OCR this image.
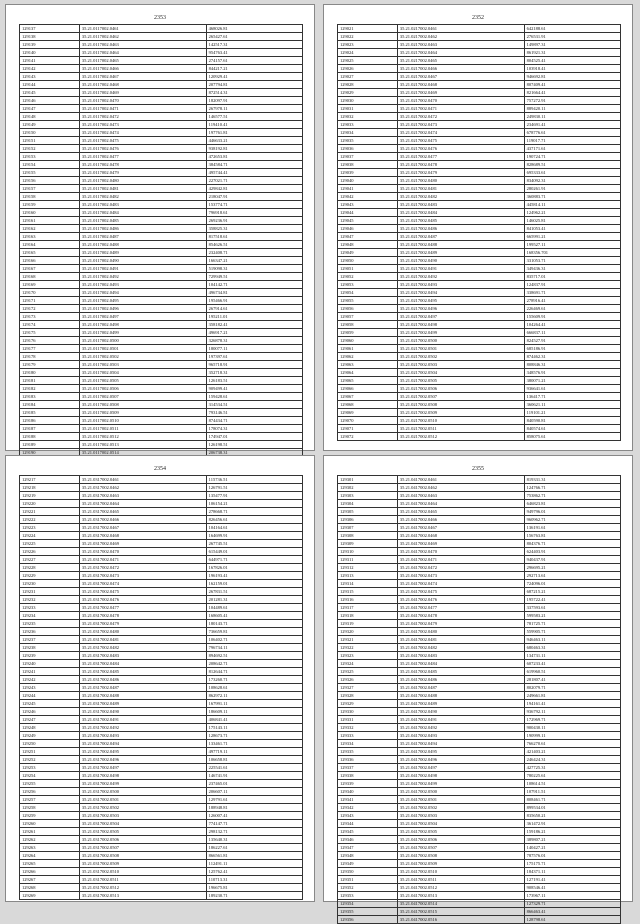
2353
129137	35.21.0117002.0461	468026.81
129138	35.21.0117002.0462	265427.61
129139	35.21.0117002.0463	142517.31
129140	35.21.0117002.0464	954763.41
129141	35.21.0117002.0465	274157.61
129142	35.21.0117002.0466	844217.21
129143	35.21.0117002.0467	120929.41
129144	35.21.0117002.0468	207794.81
129145	35.21.0117002.0469	872514.31
129146	35.21.0117002.0470	182097.91
129147	35.21.0117002.0471	267978.11
129148	35.21.0117002.0472	146577.51
129149	35.21.0117002.0473	119410.41
129150	35.21.0117002.0474	197761.81
129151	35.21.0117002.0475	446633.21
129152	35.21.0117002.0476	938192.81
129153	35.21.0117002.0477	472653.81
129154	35.21.0117002.0478	384584.71
129155	35.21.0117002.0479	495744.41
129156	35.21.0117002.0480	227021.71
129157	35.21.0117002.0481	429842.81
129158	35.21.0117002.0482	218047.91
129159	35.21.0117002.0483	153774.71
129160	35.21.0117002.0484	796918.61
129161	35.21.0117002.0485	269236.91
129162	35.21.0117002.0486	358825.31
129163	35.21.0117002.0487	817518.61
129164	35.21.0117002.0488	854626.51
129165	35.21.0117002.0489	232408.71
129166	35.21.0117002.0490	166347.21
129167	35.21.0117002.0491	519098.31
129168	35.21.0117002.0492	729949.51
129169	35.21.0117002.0493	104142.71
129170	35.21.0117002.0494	496734.81
129171	35.21.0117002.0495	195466.91
129172	35.21.0117002.0496	267914.61
129173	35.21.0117002.0497	195211.01
129174	35.21.0117002.0498	358182.41
129175	35.21.0117002.0499	496917.21
129176	35.21.0117002.0500	326878.31
129177	35.21.0117002.0501	180077.11
129178	35.21.0117002.0502	197397.61
129179	35.21.0117002.0503	965718.91
129180	35.21.0117002.0504	352718.31
129181	35.21.0117002.0505	126183.51
129182	35.21.0117002.0506	909499.41
129183	35.21.0117002.0507	159428.61
129184	35.21.0117002.0508	314534.51
129185	35.21.0117002.0509	793146.51
129186	35.21.0117002.0510	874434.71
129187	35.21.0117002.0511	178074.31
129188	35.21.0117002.0512	174947.01
129189	35.21.0117002.0513	126198.51
129190	35.21.0117002.0514	206738.31
2352
129021	35.21.0217002.0461	642188.61
129022	35.21.0217002.0462	276531.91
129023	35.21.0217002.0463	149897.31
129024	35.21.0217002.0464	861921.31
129025	35.21.0217002.0465	804525.41
129026	35.21.0217002.0466	103918.41
129027	35.21.0217002.0467	946692.81
129028	35.21.0217002.0468	807409.41
129029	35.21.0217002.0469	821664.41
129030	35.21.0217002.0470	757272.91
129031	35.21.0217002.0471	889420.11
129032	35.21.0217002.0472	249830.11
129033	35.21.0217002.0473	234691.41
129034	35.21.0217002.0474	678776.61
129035	35.21.0217002.0475	119017.71
129036	35.21.0217002.0476	437171.61
129037	35.21.0217002.0477	190724.71
129038	35.21.0217002.0478	828689.51
129039	35.21.0217002.0479	695333.61
129040	35.21.0217002.0480	834092.31
129041	35.21.0217002.0481	280261.91
129042	35.21.0217002.0482	360883.71
129043	35.21.0217002.0483	445814.11
129044	35.21.0217002.0484	124962.21
129045	35.21.0217002.0485	146025.81
129046	35.21.0217002.0486	841053.41
129047	35.21.0217002.0487	665991.21
129048	35.21.0217002.0488	199527.11
129049	35.21.0217002.0489	168356.701
129050	35.21.0217002.0490	331053.71
129051	35.21.0217002.0491	349436.31
129052	35.21.0217002.0492	835717.01
129053	35.21.0217002.0493	124837.91
129054	35.21.0217002.0494	338691.71
129055	35.21.0217002.0495	278916.41
129056	35.21.0217002.0496	226469.61
129057	35.21.0217002.0497	155609.91
129058	35.21.0217002.0498	104264.41
129059	35.21.0217002.0499	666837.11
129060	35.21.0217002.0500	824527.91
129061	35.21.0217002.0501	685186.91
129062	35.21.0217002.0502	874462.31
129063	35.21.0217002.0503	808846.31
129064	35.21.0217002.0504	348576.91
129065	35.21.0217002.0505	380071.21
129066	35.21.0217002.0506	936641.61
129067	35.21.0217002.0507	136417.71
129068	35.21.0217002.0508	360621.11
129069	35.21.0217002.0509	119101.21
129070	35.21.0217002.0510	840590.81
129071	35.21.0217002.0511	840574.61
129072	35.21.0217002.0512	858075.61
2354
129217	35.21.0317002.0461	115736.51
129218	35.21.0317002.0462	126791.51
129219	35.21.0317002.0463	135477.91
129220	35.21.0317002.0464	106154.21
129221	35.21.0317002.0465	278668.71
129222	35.21.0317002.0466	826456.61
129223	35.21.0317002.0467	104164.61
129224	35.21.0317002.0468	164699.91
129225	35.21.0317002.0469	267745.51
129226	35.21.0317002.0470	615449.01
129227	35.21.0317002.0471	644971.71
129228	35.21.0317002.0472	167826.01
129229	35.21.0317002.0473	196193.41
129230	35.21.0317002.0474	162159.01
129231	35.21.0317002.0475	267831.51
129232	35.21.0317002.0476	201281.31
129233	35.21.0317002.0477	104489.61
129234	35.21.0317002.0478	168605.41
129235	35.21.0317002.0479	180143.71
129236	35.21.0317002.0480	736659.81
129237	35.21.0317002.0481	106402.71
129238	35.21.0317002.0482	796734.11
129239	35.21.0317002.0483	894692.51
129240	35.21.0317002.0484	208642.71
129241	35.21.0317002.0485	812644.71
129242	35.21.0317002.0486	173260.71
129243	35.21.0317002.0487	108628.61
129244	35.21.0317002.0488	862972.11
129245	35.21.0317002.0489	167991.11
129246	35.21.0317002.0490	186609.11
129247	35.21.0317002.0491	406841.41
129248	35.21.0317002.0492	175143.11
129249	35.21.0317002.0493	128673.71
129250	35.21.0317002.0494	133461.71
129251	35.21.0317002.0495	497719.11
129252	35.21.0317002.0496	106658.81
129253	35.21.0317002.0497	225541.61
129254	35.21.0317002.0498	146741.91
129255	35.21.0317002.0499	237465.01
129256	35.21.0317002.0500	206607.11
129257	35.21.0317002.0501	129791.61
129258	35.21.0317002.0502	188948.81
129259	35.21.0317002.0503	126007.41
129260	35.21.0317002.0504	774147.71
129261	35.21.0317002.0505	298132.71
129262	35.21.0317002.0506	135640.31
129263	35.21.0317002.0507	186227.61
129264	35.21.0317002.0508	866561.81
129265	35.21.0317002.0509	112491.11
129266	35.21.0317002.0510	125762.41
129267	35.21.0317002.0511	110713.31
129268	35.21.0317002.0512	196675.81
129269	35.21.0317002.0513	189230.71
2355
129301	35.21.0417002.0461	819331.31
129302	35.21.0417002.0462	124766.71
129303	35.21.0417002.0463	753862.71
129304	35.21.0417002.0464	646823.81
129305	35.21.0417002.0465	949796.01
129306	35.21.0417002.0466	960962.71
129307	35.21.0417002.0467	136191.61
129308	35.21.0417002.0468	156763.81
129309	35.21.0417002.0469	804376.71
129310	35.21.0417002.0470	624403.91
129311	35.21.0417002.0471	940437.91
129312	35.21.0417002.0472	296695.21
129313	35.21.0417002.0473	292713.61
129314	35.21.0417002.0474	724096.01
129315	35.21.0417002.0475	687215.21
129316	35.21.0417002.0476	195722.41
129317	35.21.0417002.0477	337593.61
129318	35.21.0417002.0478	599583.21
129319	35.21.0417002.0479	781725.71
129320	35.21.0417002.0480	559905.71
129321	35.21.0417002.0481	946463.11
129322	35.21.0417002.0482	680463.31
129323	35.21.0417002.0483	134731.11
129324	35.21.0417002.0484	607233.41
129325	35.21.0417002.0485	619960.51
129326	35.21.0417002.0486	281807.41
129327	35.21.0417002.0487	802079.71
129328	35.21.0417002.0488	249661.81
129329	35.21.0417002.0489	194161.41
129330	35.21.0417002.0490	936792.11
129331	35.21.0417002.0491	172969.71
129332	35.21.0417002.0492	900430.11
129333	35.21.0417002.0493	190999.11
129334	35.21.0417002.0494	766270.61
129335	35.21.0417002.0495	421403.21
129336	35.21.0417002.0496	246424.31
129337	35.21.0417002.0497	427725.31
129338	35.21.0417002.0498	780225.61
129339	35.21.0417002.0499	108614.51
129340	35.21.0417002.0500	107911.51
129341	35.21.0417002.0501	808461.71
129342	35.21.0417002.0502	899534.01
129343	35.21.0417002.0503	835650.21
129344	35.21.0417002.0504	361472.91
129345	35.21.0417002.0505	159186.21
129346	35.21.0417002.0506	389807.21
129347	35.21.0417002.0507	140427.21
129348	35.21.0417002.0508	787576.01
129349	35.21.0417002.0509	175175.71
129350	35.21.0417002.0510	184371.11
129351	35.21.0417002.0511	127191.41
129352	35.21.0417002.0512	908546.41
129353	35.21.0417002.0513	173967.11
129354	35.21.0417002.0514	127329.71
129355	35.21.0417002.0515	866463.41
129356	35.21.0417002.0516	128798.61
